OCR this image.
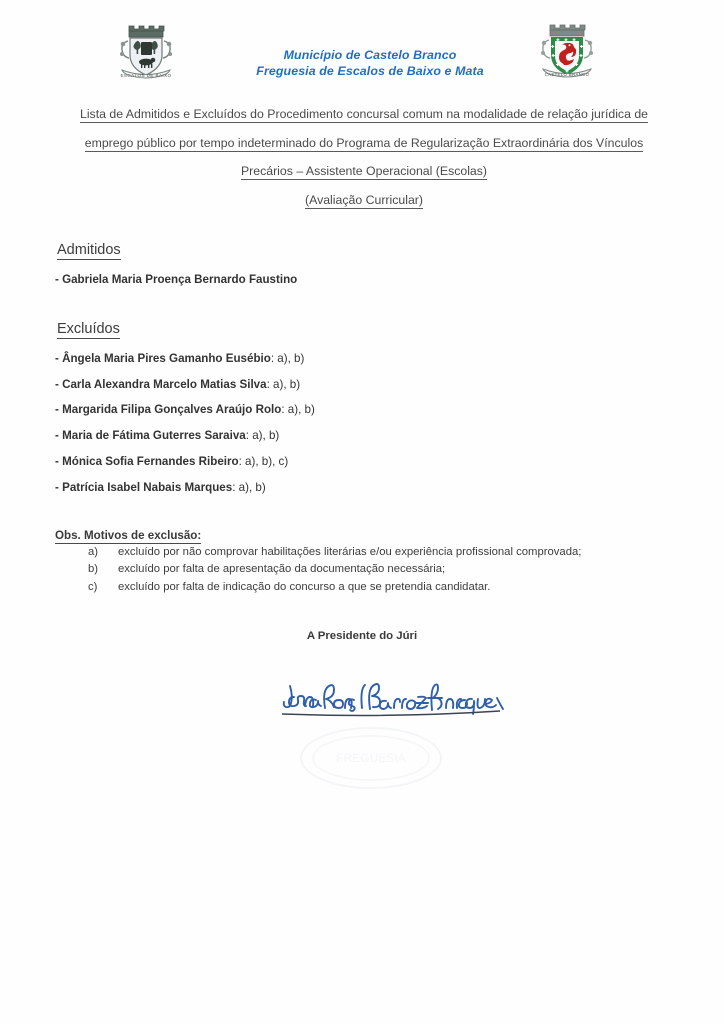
ESCALOS DE BAIXO	CASTELO BRANCO
Município de Castelo Branco
Freguesia de Escalos de Baixo e Mata
Lista de Admitidos e Excluídos do Procedimento concursal comum na modalidade de relação jurídica de
emprego público por tempo indeterminado do Programa de Regularização Extraordinária dos Vínculos
Precários – Assistente Operacional (Escolas)
(Avaliação Curricular)
Admitidos
- Gabriela Maria Proença Bernardo Faustino
Excluídos
- Ângela Maria Pires Gamanho Eusébio: a), b)
- Carla Alexandra Marcelo Matias Silva: a), b)
- Margarida Filipa Gonçalves Araújo Rolo: a), b)
- Maria de Fátima Guterres Saraiva: a), b)
- Mónica Sofia Fernandes Ribeiro: a), b), c)
- Patrícia Isabel Nabais Marques: a), b)
Obs. Motivos de exclusão:
a) excluído por não comprovar habilitações literárias e/ou experiência profissional comprovada;
b) excluído por falta de apresentação da documentação necessária;
c) excluído por falta de indicação do concurso a que se pretendia candidatar.
A Presidente do Júri
